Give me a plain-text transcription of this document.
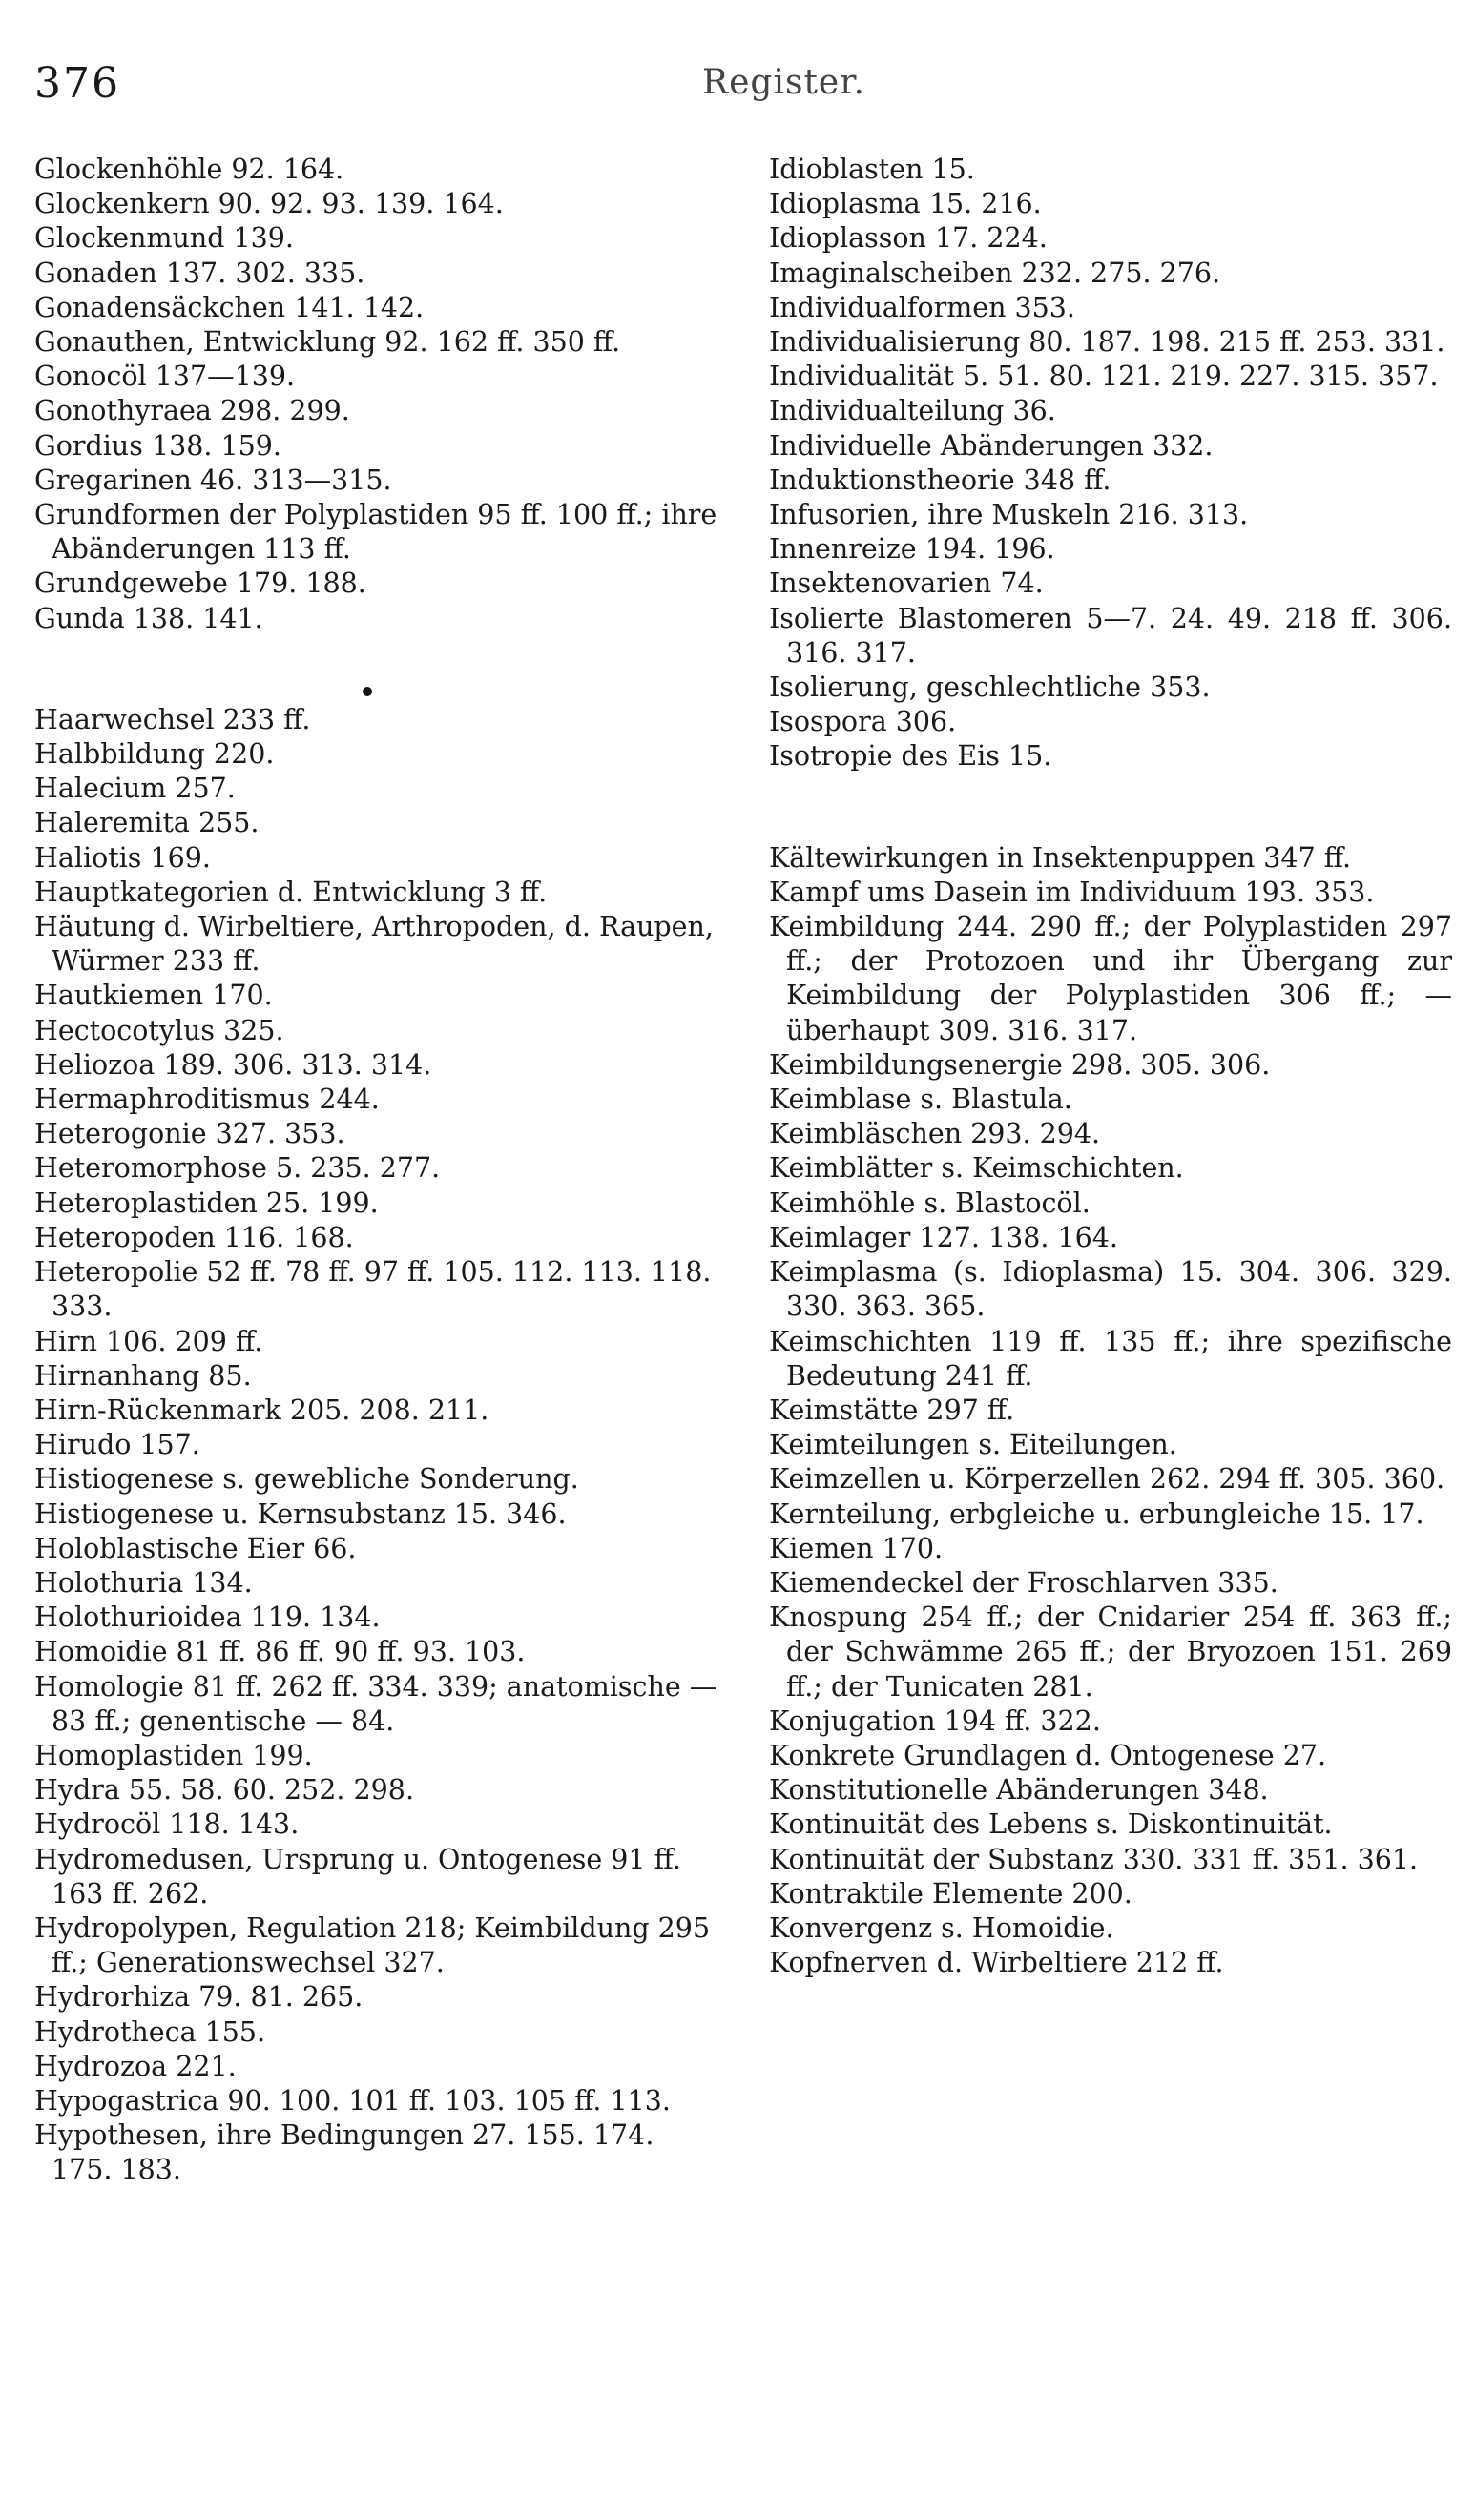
376	Register.

Glockenhöhle 92. 164.

Glockenkern 90. 92. 93. 139. 164.

Glockenmund 139.

Gonaden 137. 302. 335.

Gonadensäckchen 141. 142.

Gonauthen, Entwicklung 92. 162 ff. 350 ff.

Gonocöl 137—139.

Gonothyraea 298. 299.

Gordius 138. 159.

Gregarinen 46. 313—315.

Grundformen der Polyplastiden 95 ff. 100 ff.; ihre Abänderungen 113 ff.

Grundgewebe 179. 188.

Gunda 138. 141.

Haarwechsel 233 ff.

Halbbildung 220.

Halecium 257.

Haleremita 255.

Haliotis 169.

Hauptkategorien d. Entwicklung 3 ff.

Häutung d. Wirbeltiere, Arthropoden, d. Raupen, Würmer 233 ff.

Hautkiemen 170.

Hectocotylus 325.

Heliozoa 189. 306. 313. 314.

Hermaphroditismus 244.

Heterogonie 327. 353.

Heteromorphose 5. 235. 277.

Heteroplastiden 25. 199.

Heteropoden 116. 168.

Heteropolie 52 ff. 78 ff. 97 ff. 105. 112. 113. 118. 333.

Hirn 106. 209 ff.

Hirnanhang 85.

Hirn-Rückenmark 205. 208. 211.

Hirudo 157.

Histiogenese s. gewebliche Sonderung.

Histiogenese u. Kernsubstanz 15. 346.

Holoblastische Eier 66.

Holothuria 134.

Holothurioidea 119. 134.

Homoidie 81 ff. 86 ff. 90 ff. 93. 103.

Homologie 81 ff. 262 ff. 334. 339; anatomische — 83 ff.; genentische — 84.

Homoplastiden 199.

Hydra 55. 58. 60. 252. 298.

Hydrocöl 118. 143.

Hydromedusen, Ursprung u. Ontogenese 91 ff. 163 ff. 262.

Hydropolypen, Regulation 218; Keimbildung 295 ff.; Generationswechsel 327.

Hydrorhiza 79. 81. 265.

Hydrotheca 155.

Hydrozoa 221.

Hypogastrica 90. 100. 101 ff. 103. 105 ff. 113.

Hypothesen, ihre Bedingungen 27. 155. 174. 175. 183.

Idioblasten 15.

Idioplasma 15. 216.

Idioplasson 17. 224.

Imaginalscheiben 232. 275. 276.

Individualformen 353.

Individualisierung 80. 187. 198. 215 ff. 253. 331.

Individualität 5. 51. 80. 121. 219. 227. 315. 357.

Individualteilung 36.

Individuelle Abänderungen 332.

Induktionstheorie 348 ff.

Infusorien, ihre Muskeln 216. 313.

Innenreize 194. 196.

Insektenovarien 74.

Isolierte Blastomeren 5—7. 24. 49. 218 ff. 306. 316. 317.

Isolierung, geschlechtliche 353.

Isospora 306.

Isotropie des Eis 15.

Kältewirkungen in Insektenpuppen 347 ff.

Kampf ums Dasein im Individuum 193. 353.

Keimbildung 244. 290 ff.; der Polyplastiden 297 ff.; der Protozoen und ihr Übergang zur Keimbildung der Polyplastiden 306 ff.; — überhaupt 309. 316. 317.

Keimbildungsenergie 298. 305. 306.

Keimblase s. Blastula.

Keimbläschen 293. 294.

Keimblätter s. Keimschichten.

Keimhöhle s. Blastocöl.

Keimlager 127. 138. 164.

Keimplasma (s. Idioplasma) 15. 304. 306. 329. 330. 363. 365.

Keimschichten 119 ff. 135 ff.; ihre spezifische Bedeutung 241 ff.

Keimstätte 297 ff.

Keimteilungen s. Eiteilungen.

Keimzellen u. Körperzellen 262. 294 ff. 305. 360.

Kernteilung, erbgleiche u. erbungleiche 15. 17.

Kiemen 170.

Kiemendeckel der Froschlarven 335.

Knospung 254 ff.; der Cnidarier 254 ff. 363 ff.; der Schwämme 265 ff.; der Bryozoen 151. 269 ff.; der Tunicaten 281.

Konjugation 194 ff. 322.

Konkrete Grundlagen d. Ontogenese 27.

Konstitutionelle Abänderungen 348.

Kontinuität des Lebens s. Diskontinuität.

Kontinuität der Substanz 330. 331 ff. 351. 361.

Kontraktile Elemente 200.

Konvergenz s. Homoidie.

Kopfnerven d. Wirbeltiere 212 ff.
